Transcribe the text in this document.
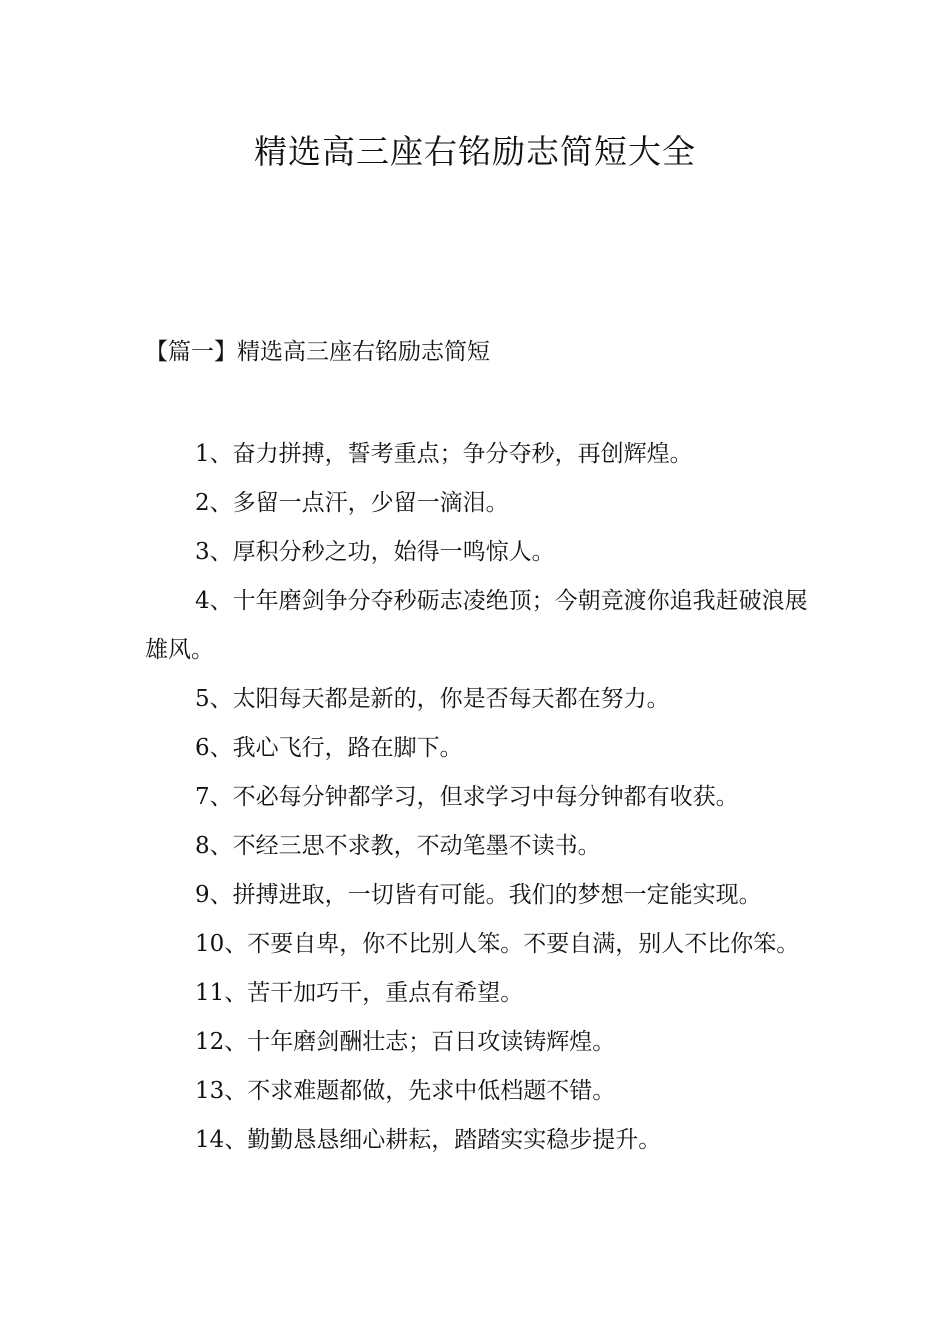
精选高三座右铭励志简短大全
【篇一】精选高三座右铭励志简短
1、奋力拼搏，誓考重点；争分夺秒，再创辉煌。
2、多留一点汗，少留一滴泪。
3、厚积分秒之功，始得一鸣惊人。
4、十年磨剑争分夺秒砺志凌绝顶；今朝竞渡你追我赶破浪展雄风。
5、太阳每天都是新的，你是否每天都在努力。
6、我心飞行，路在脚下。
7、不必每分钟都学习，但求学习中每分钟都有收获。
8、不经三思不求教，不动笔墨不读书。
9、拼搏进取，一切皆有可能。我们的梦想一定能实现。
10、不要自卑，你不比别人笨。不要自满，别人不比你笨。
11、苦干加巧干，重点有希望。
12、十年磨剑酬壮志；百日攻读铸辉煌。
13、不求难题都做，先求中低档题不错。
14、勤勤恳恳细心耕耘，踏踏实实稳步提升。
